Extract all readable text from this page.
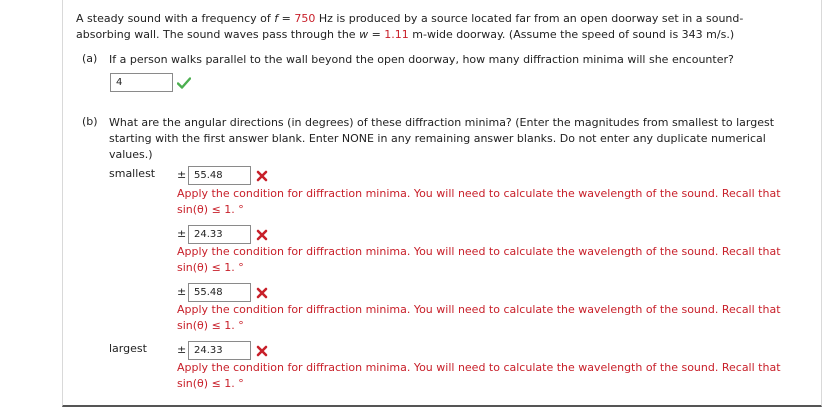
A steady sound with a frequency of f = 750 Hz is produced by a source located far from an open doorway set in a sound-absorbing wall. The sound waves pass through the w = 1.11 m-wide doorway. (Assume the speed of sound is 343 m/s.)
(a) If a person walks parallel to the wall beyond the open doorway, how many diffraction minima will she encounter?
4
(b) What are the angular directions (in degrees) of these diffraction minima? (Enter the magnitudes from smallest to largest starting with the first answer blank. Enter NONE in any remaining answer blanks. Do not enter any duplicate numerical values.)
smallest ±
55.48
Apply the condition for diffraction minima. You will need to calculate the wavelength of the sound. Recall that
sin(θ) ≤ 1. °
±
24.33
Apply the condition for diffraction minima. You will need to calculate the wavelength of the sound. Recall that
sin(θ) ≤ 1. °
±
55.48
Apply the condition for diffraction minima. You will need to calculate the wavelength of the sound. Recall that
sin(θ) ≤ 1. °
largest	±
24.33
Apply the condition for diffraction minima. You will need to calculate the wavelength of the sound. Recall that
sin(θ) ≤ 1. °
